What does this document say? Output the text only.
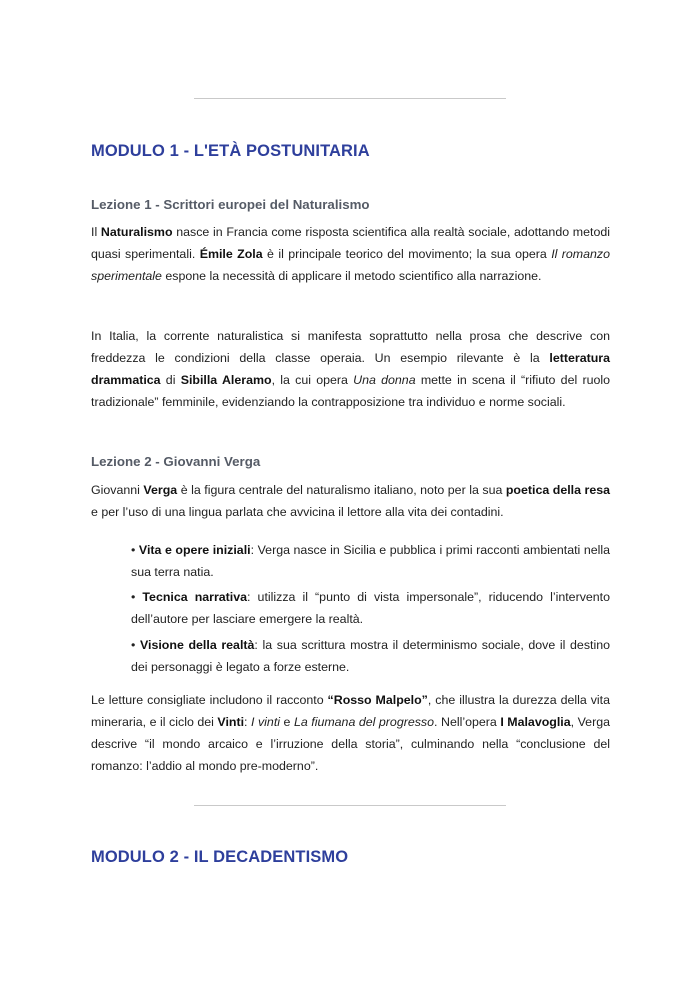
MODULO 1 - L'ETÀ POSTUNITARIA
Lezione 1 - Scrittori europei del Naturalismo

Il Naturalismo nasce in Francia come risposta scientifica alla realtà sociale, adottando metodi quasi sperimentali. Émile Zola è il principale teorico del movimento; la sua opera Il romanzo sperimentale espone la necessità di applicare il metodo scientifico alla narrazione.

In Italia, la corrente naturalistica si manifesta soprattutto nella prosa che descrive con freddezza le condizioni della classe operaia. Un esempio rilevante è la letteratura drammatica di Sibilla Aleramo, la cui opera Una donna mette in scena il “rifiuto del ruolo tradizionale” femminile, evidenziando la contrapposizione tra individuo e norme sociali.

Lezione 2 - Giovanni Verga

Giovanni Verga è la figura centrale del naturalismo italiano, noto per la sua poetica della resa e per l’uso di una lingua parlata che avvicina il lettore alla vita dei contadini.

• Vita e opere iniziali: Verga nasce in Sicilia e pubblica i primi racconti ambientati nella sua terra natia.

• Tecnica narrativa: utilizza il “punto di vista impersonale”, riducendo l’intervento dell’autore per lasciare emergere la realtà.

• Visione della realtà: la sua scrittura mostra il determinismo sociale, dove il destino dei personaggi è legato a forze esterne.

Le letture consigliate includono il racconto “Rosso Malpelo”, che illustra la durezza della vita mineraria, e il ciclo dei Vinti: I vinti e La fiumana del progresso. Nell’opera I Malavoglia, Verga descrive “il mondo arcaico e l’irruzione della storia”, culminando nella “conclusione del romanzo: l’addio al mondo pre-moderno”.

MODULO 2 - IL DECADENTISMO
